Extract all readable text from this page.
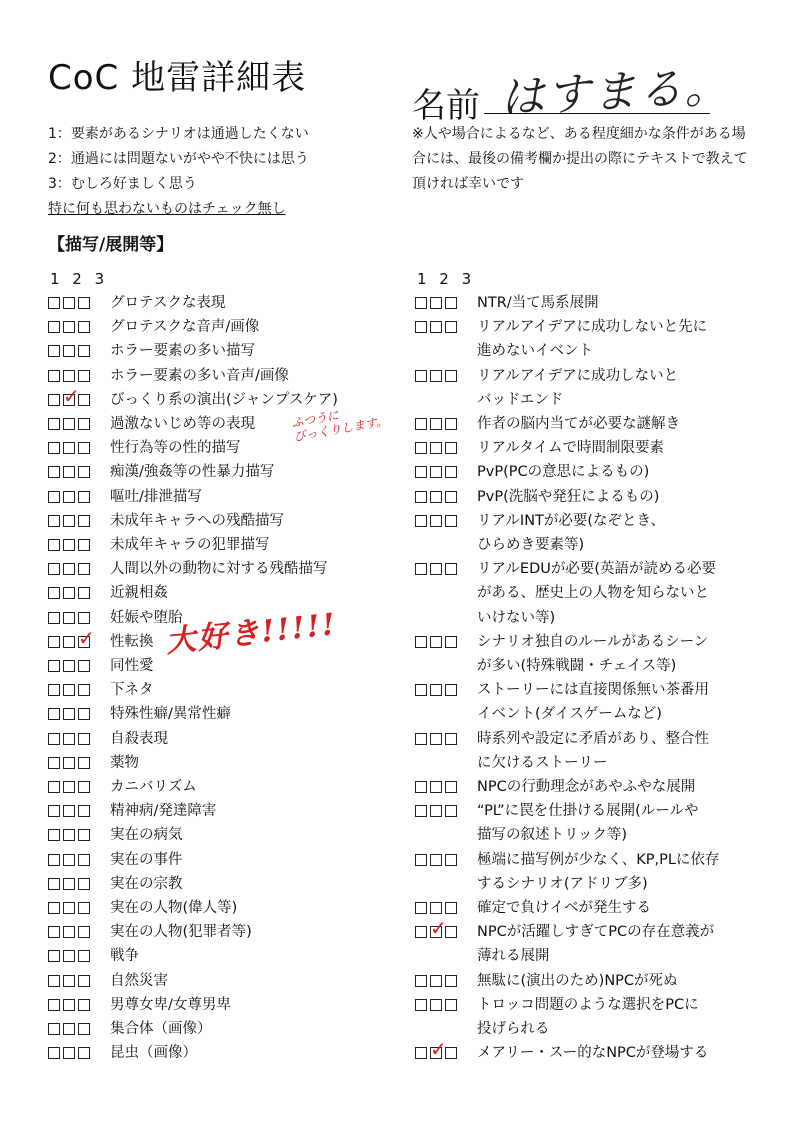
CoC 地雷詳細表
名前 はすまる。
1：要素があるシナリオは通過したくない
2：通過には問題ないがやや不快には思う
3：むしろ好ましく思う
特に何も思わないものはチェック無し
※人や場合によるなど、ある程度細かな条件がある場合には、最後の備考欄か提出の際にテキストで教えて頂ければ幸いです
【描写/展開等】
1 2 3
グロテスクな表現
グロテスクな音声/画像
ホラー要素の多い描写
ホラー要素の多い音声/画像
✓ びっくり系の演出(ジャンプスケア)
過激ないじめ等の表現
性行為等の性的描写
痴漢/強姦等の性暴力描写
嘔吐/排泄描写
未成年キャラへの残酷描写
未成年キャラの犯罪描写
人間以外の動物に対する残酷描写
近親相姦
妊娠や堕胎
✓ 性転換
同性愛
下ネタ
特殊性癖/異常性癖
自殺表現
薬物
カニバリズム
精神病/発達障害
実在の病気
実在の事件
実在の宗教
実在の人物(偉人等)
実在の人物(犯罪者等)
戦争
自然災害
男尊女卑/女尊男卑
集合体（画像）
昆虫（画像）
1 2 3
NTR/当て馬系展開
リアルアイデアに成功しないと先に
進めないイベント
リアルアイデアに成功しないと
バッドエンド
作者の脳内当てが必要な謎解き
リアルタイムで時間制限要素
PvP(PCの意思によるもの)
PvP(洗脳や発狂によるもの)
リアルINTが必要(なぞとき、
ひらめき要素等)
リアルEDUが必要(英語が読める必要
がある、歴史上の人物を知らないと
いけない等)
シナリオ独自のルールがあるシーン
が多い(特殊戦闘・チェイス等)
ストーリーには直接関係無い茶番用
イベント(ダイスゲームなど)
時系列や設定に矛盾があり、整合性
に欠けるストーリー
NPCの行動理念があやふやな展開
“PL”に罠を仕掛ける展開(ルールや
描写の叙述トリック等)
極端に描写例が少なく、KP,PLに依存
するシナリオ(アドリブ多)
確定で負けイベが発生する
✓ NPCが活躍しすぎてPCの存在意義が
薄れる展開
無駄に(演出のため)NPCが死ぬ
トロッコ問題のような選択をPCに
投げられる
✓ メアリー・スー的なNPCが登場する
ふつうに
びっくりします。
大好き!!!!!
